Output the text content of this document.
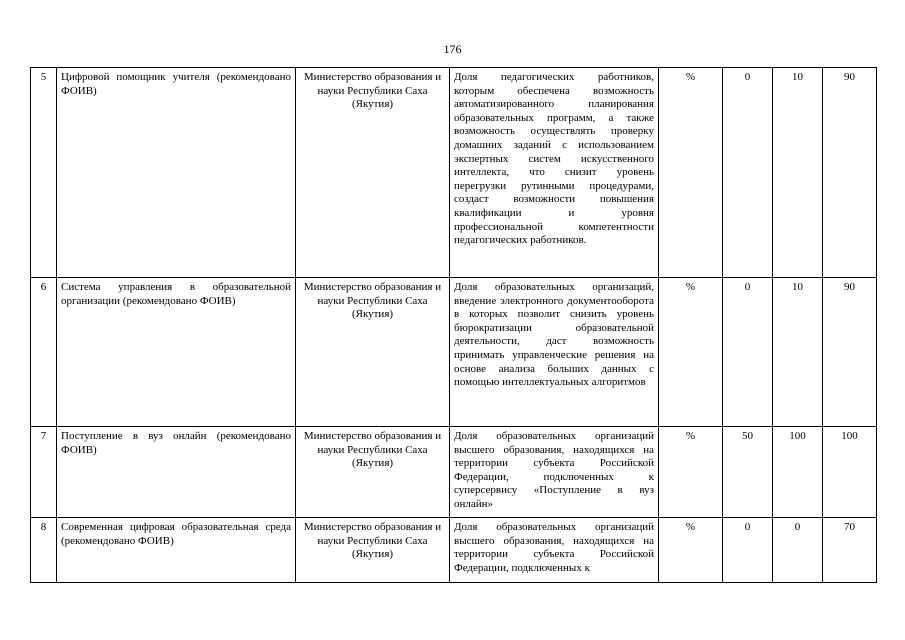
176
5	Цифровой помощник учителя (рекомендовано ФОИВ)	Министерство образования и науки Республики Саха (Якутия)	Доля педагогических работников, которым обеспечена возможность автоматизированного планирования образовательных программ, а также возможность осуществлять проверку домашних заданий с использованием экспертных систем искусственного интеллекта, что снизит уровень перегрузки рутинными процедурами, создаст возможности повышения квалификации и уровня профессиональной компетентности педагогических работников.	%	0	10	90
6	Система управления в образовательной организации (рекомендовано ФОИВ)	Министерство образования и науки Республики Саха (Якутия)	Доля образовательных организаций, введение электронного документооборота в которых позволит снизить уровень бюрократизации образовательной деятельности, даст возможность принимать управленческие решения на основе анализа больших данных с помощью интеллектуальных алгоритмов	%	0	10	90
7	Поступление в вуз онлайн (рекомендовано ФОИВ)	Министерство образования и науки Республики Саха (Якутия)	Доля образовательных организаций высшего образования, находящихся на территории субъекта Российской Федерации, подключенных к суперсервису «Поступление в вуз онлайн»	%	50	100	100
8	Современная цифровая образовательная среда (рекомендовано ФОИВ)	Министерство образования и науки Республики Саха (Якутия)	Доля образовательных организаций высшего образования, находящихся на территории субъекта Российской Федерации, подключенных к	%	0	0	70
